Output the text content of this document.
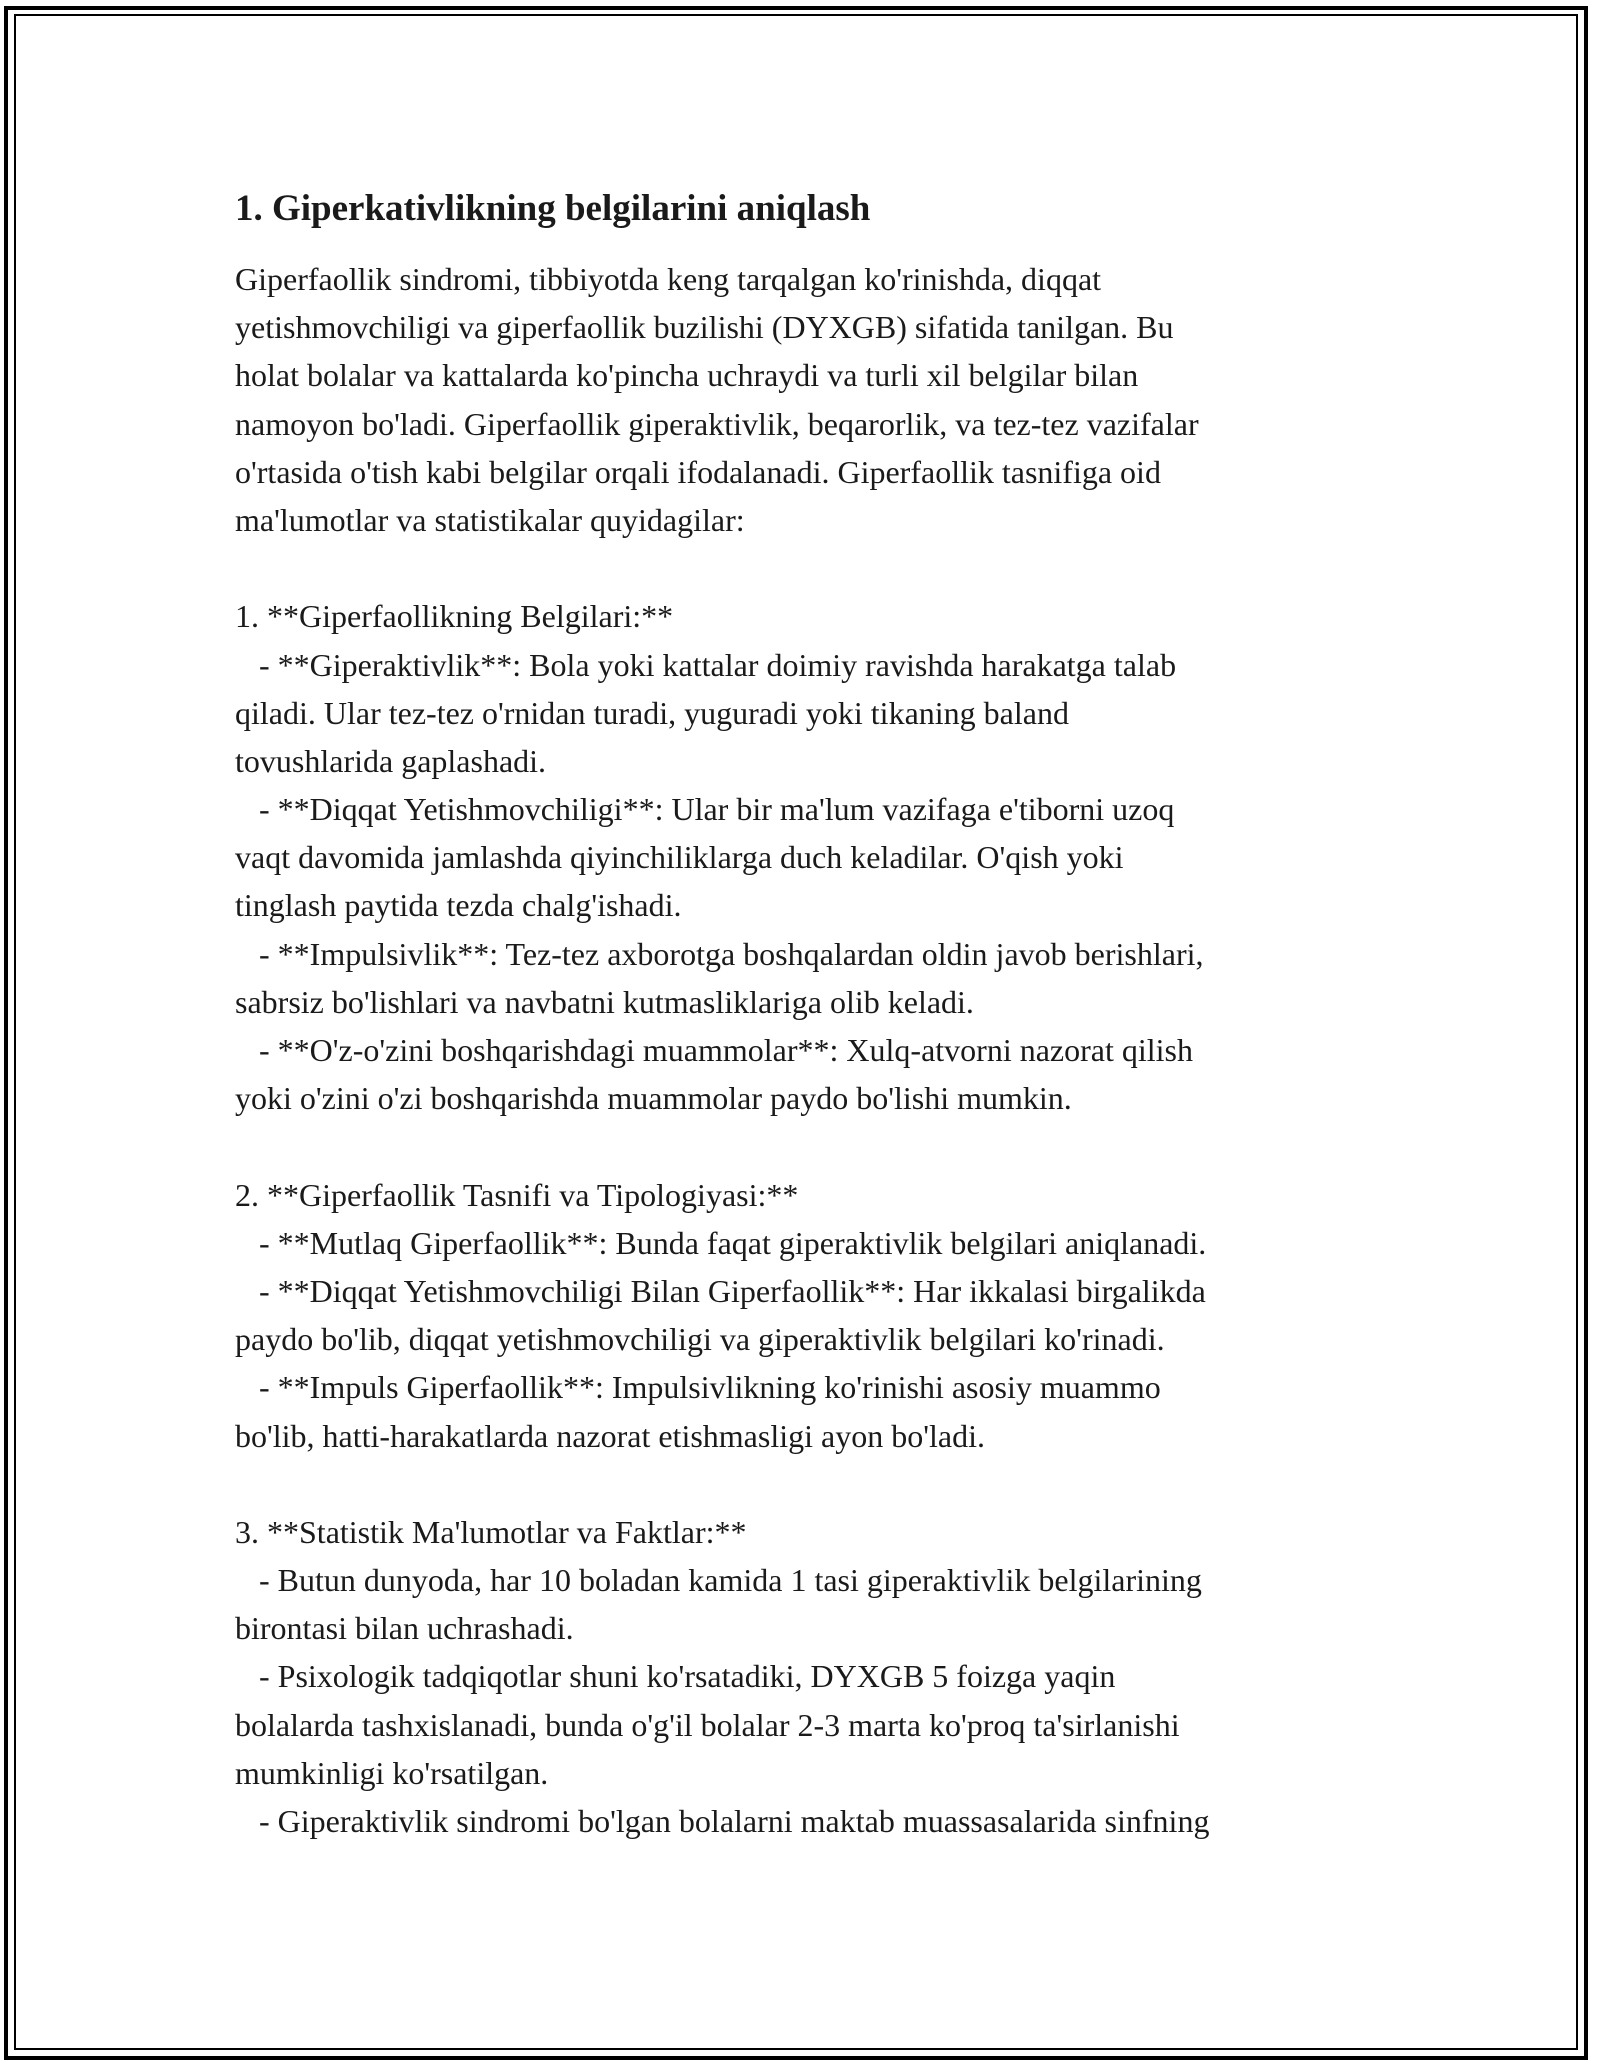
1. Giperkativlikning belgilarini aniqlash
Giperfaollik sindromi, tibbiyotda keng tarqalgan ko'rinishda, diqqat
yetishmovchiligi va giperfaollik buzilishi (DYXGB) sifatida tanilgan. Bu
holat bolalar va kattalarda ko'pincha uchraydi va turli xil belgilar bilan
namoyon bo'ladi. Giperfaollik giperaktivlik, beqarorlik, va tez-tez vazifalar
o'rtasida o'tish kabi belgilar orqali ifodalanadi. Giperfaollik tasnifiga oid
ma'lumotlar va statistikalar quyidagilar:
1. **Giperfaollikning Belgilari:**
- **Giperaktivlik**: Bola yoki kattalar doimiy ravishda harakatga talab
qiladi. Ular tez-tez o'rnidan turadi, yuguradi yoki tikaning baland
tovushlarida gaplashadi.
- **Diqqat Yetishmovchiligi**: Ular bir ma'lum vazifaga e'tiborni uzoq
vaqt davomida jamlashda qiyinchiliklarga duch keladilar. O'qish yoki
tinglash paytida tezda chalg'ishadi.
- **Impulsivlik**: Tez-tez axborotga boshqalardan oldin javob berishlari,
sabrsiz bo'lishlari va navbatni kutmasliklariga olib keladi.
- **O'z-o'zini boshqarishdagi muammolar**: Xulq-atvorni nazorat qilish
yoki o'zini o'zi boshqarishda muammolar paydo bo'lishi mumkin.
2. **Giperfaollik Tasnifi va Tipologiyasi:**
- **Mutlaq Giperfaollik**: Bunda faqat giperaktivlik belgilari aniqlanadi.
- **Diqqat Yetishmovchiligi Bilan Giperfaollik**: Har ikkalasi birgalikda
paydo bo'lib, diqqat yetishmovchiligi va giperaktivlik belgilari ko'rinadi.
- **Impuls Giperfaollik**: Impulsivlikning ko'rinishi asosiy muammo
bo'lib, hatti-harakatlarda nazorat etishmasligi ayon bo'ladi.
3. **Statistik Ma'lumotlar va Faktlar:**
- Butun dunyoda, har 10 boladan kamida 1 tasi giperaktivlik belgilarining
birontasi bilan uchrashadi.
- Psixologik tadqiqotlar shuni ko'rsatadiki, DYXGB 5 foizga yaqin
bolalarda tashxislanadi, bunda o'g'il bolalar 2-3 marta ko'proq ta'sirlanishi
mumkinligi ko'rsatilgan.
- Giperaktivlik sindromi bo'lgan bolalarni maktab muassasalarida sinfning
